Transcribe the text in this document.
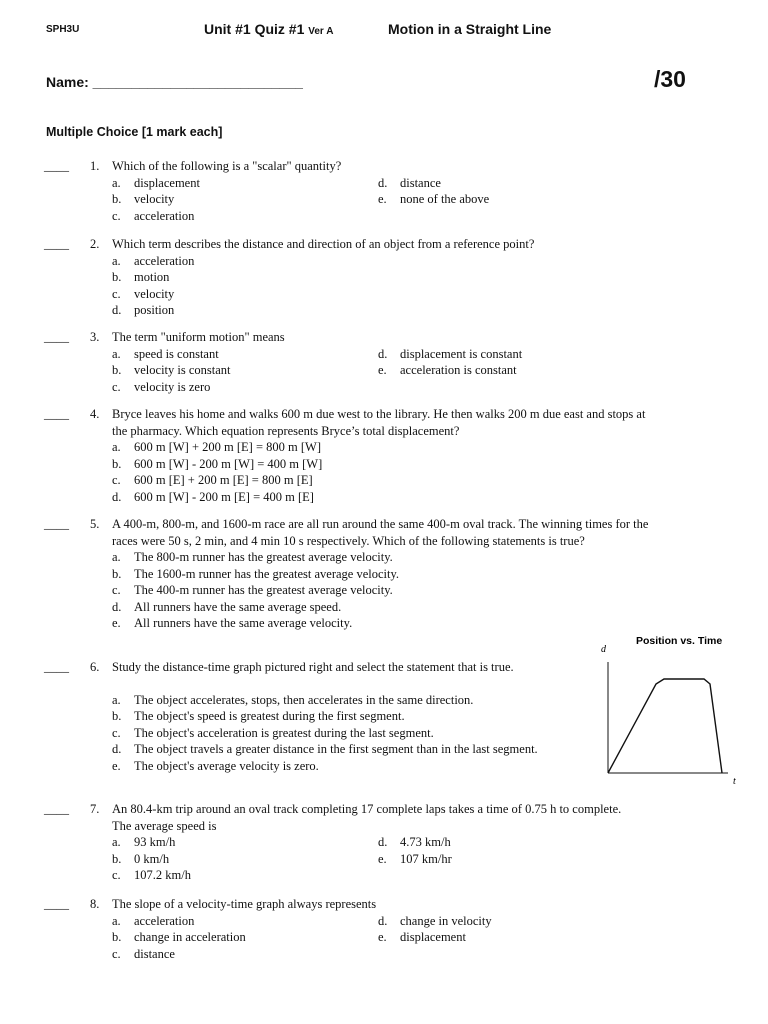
SPH3U	Unit #1 Quiz #1 Ver A	Motion in a Straight Line
Name: ___________________________	/30
Multiple Choice [1 mark each]
____ 1. Which of the following is a "scalar" quantity?
a.	displacement
b.	velocity
c.	acceleration
d.	distance
e.	none of the above
____ 2. Which term describes the distance and direction of an object from a reference point?
a.	acceleration
b.	motion
c.	velocity
d.	position
____ 3. The term "uniform motion" means
a.	speed is constant
b.	velocity is constant
c.	velocity is zero
d.	displacement is constant
e.	acceleration is constant
____ 4. Bryce leaves his home and walks 600 m due west to the library. He then walks 200 m due east and stops at
the pharmacy. Which equation represents Bryce’s total displacement?
a.	600 m [W] + 200 m [E] = 800 m [W]
b.	600 m [W] - 200 m [W] = 400 m [W]
c.	600 m [E] + 200 m [E] = 800 m [E]
d.	600 m [W] - 200 m [E] = 400 m [E]
____ 5. A 400-m, 800-m, and 1600-m race are all run around the same 400-m oval track. The winning times for the
races were 50 s, 2 min, and 4 min 10 s respectively. Which of the following statements is true?
a.	The 800-m runner has the greatest average velocity.
b.	The 1600-m runner has the greatest average velocity.
c.	The 400-m runner has the greatest average velocity.
d.	All runners have the same average speed.
e.	All runners have the same average velocity.
____ 6. Study the distance-time graph pictured right and select the statement that is true.
a.	The object accelerates, stops, then accelerates in the same direction.
b.	The object's speed is greatest during the first segment.
c.	The object's acceleration is greatest during the last segment.
d.	The object travels a greater distance in the first segment than in the last segment.
e.	The object's average velocity is zero.
____ 7. An 80.4-km trip around an oval track completing 17 complete laps takes a time of 0.75 h to complete.
The average speed is
a.	93 km/h
b.	0 km/h
c.	107.2 km/h
d.	4.73 km/h
e.	107 km/hr
____ 8. The slope of a velocity-time graph always represents
a.	acceleration
b.	change in acceleration
c.	distance
d.	change in velocity
e.	displacement
Position vs. Time
d
t
